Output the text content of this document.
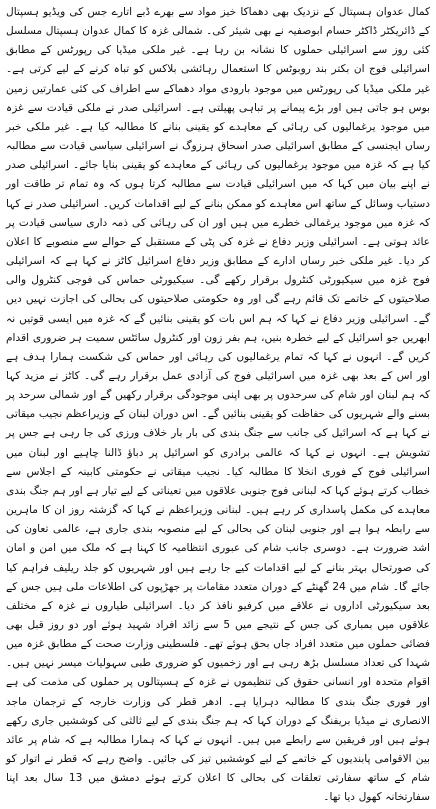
کمال عدوان ہسپتال کے نزدیک بھی دھماکا خیز مواد سے بھرے ڈبے اتارے جس کی ویڈیو ہسپتال کے ڈائریکٹر ڈاکٹر حسام ابوصفیہ نے بھی شیئر کی۔ شمالی غزہ کا کمال عدوان ہسپتال مسلسل کئی روز سے اسرائیلی حملوں کا نشانہ بن رہا ہے۔ غیر ملکی میڈیا کی رپورٹس کے مطابق اسرائیلی فوج ان بکتر بند روبوٹس کا استعمال رہائشی بلاکس کو تباہ کرنے کے لیے کرتی ہے۔ غیر ملکی میڈیا کی رپورٹس میں موجود بارودی مواد دھماکے سے اطراف کی کئی عمارتیں زمین بوس ہو جاتی ہیں اور بڑے پیمانے پر تباہی پھیلتی ہے۔ اسرائیلی صدر نے ملکی قیادت سے غزہ میں موجود یرغمالیوں کی رہائی کے معاہدے کو یقینی بنانے کا مطالبہ کیا ہے۔ غیر ملکی خبر رساں ایجنسی کے مطابق اسرائیلی صدر اسحاق ہرزوگ نے اسرائیلی سیاسی قیادت سے مطالبہ کیا ہے کہ غزہ میں موجود یرغمالیوں کی رہائی کے معاہدے کو یقینی بنایا جائے۔ اسرائیلی صدر نے اپنے بیان میں کہا کہ میں اسرائیلی قیادت سے مطالبہ کرتا ہوں کہ وہ تمام تر طاقت اور دستیاب وسائل کے ساتھ اس معاہدے کو ممکن بنانے کے لیے اقدامات کریں۔ اسرائیلی صدر نے کہا کہ غزہ میں موجود یرغمالی خطرے میں ہیں اور ان کی رہائی کی ذمہ داری سیاسی قیادت پر عائد ہوتی ہے۔ اسرائیلی وزیر دفاع نے غزہ کی پٹی کے مستقبل کے حوالے سے منصوبے کا اعلان کر دیا۔ غیر ملکی خبر رساں ادارے کے مطابق وزیر دفاع اسرائیل کاٹز نے کہا ہے کہ اسرائیلی فوج غزہ میں سیکیورٹی کنٹرول برقرار رکھے گی۔ سیکیورٹی حماس کی فوجی کنٹرول والی صلاحیتوں کے خاتمے تک قائم رہے گی اور وہ حکومتی صلاحیتوں کی بحالی کی اجازت نہیں دیں گے۔ اسرائیلی وزیر دفاع نے کہا کہ ہم اس بات کو یقینی بنائیں گے کہ غزہ میں ایسی قوتیں نہ ابھریں جو اسرائیل کے لیے خطرہ بنیں، ہم بفر زون اور کنٹرول سائٹس سمیت ہر ضروری اقدام کریں گے۔ انہوں نے کہا کہ تمام یرغمالیوں کی رہائی اور حماس کی شکست ہمارا ہدف ہے اور اس کے بعد بھی غزہ میں اسرائیلی فوج کی آزادی عمل برقرار رہے گی۔ کاٹز نے مزید کہا کہ ہم لبنان اور شام کی سرحدوں پر بھی اپنی موجودگی برقرار رکھیں گے اور شمالی سرحد پر بسنے والے شہریوں کی حفاظت کو یقینی بنائیں گے۔ اس دوران لبنان کے وزیراعظم نجیب میقاتی نے کہا ہے کہ اسرائیل کی جانب سے جنگ بندی کی بار بار خلاف ورزی کی جا رہی ہے جس پر تشویش ہے۔ انہوں نے کہا کہ عالمی برادری کو اسرائیل پر دباؤ ڈالنا چاہیے اور لبنان میں اسرائیلی فوج کے فوری انخلا کا مطالبہ کیا۔ نجیب میقاتی نے حکومتی کابینہ کے اجلاس سے خطاب کرتے ہوئے کہا کہ لبنانی فوج جنوبی علاقوں میں تعیناتی کے لیے تیار ہے اور ہم جنگ بندی معاہدے کی مکمل پاسداری کر رہے ہیں۔ لبنانی وزیراعظم نے کہا کہ گزشتہ روز ان کا ماہرین سے رابطہ ہوا ہے اور جنوبی لبنان کی بحالی کے لیے منصوبہ بندی جاری ہے، عالمی تعاون کی اشد ضرورت ہے۔ دوسری جانب شام کی عبوری انتظامیہ کا کہنا ہے کہ ملک میں امن و امان کی صورتحال بہتر بنانے کے لیے اقدامات کیے جا رہے ہیں اور شہریوں کو جلد ریلیف فراہم کیا جائے گا۔ شام میں 24 گھنٹے کے دوران متعدد مقامات پر جھڑپوں کی اطلاعات ملی ہیں جس کے بعد سیکیورٹی اداروں نے علاقے میں کرفیو نافذ کر دیا۔ اسرائیلی طیاروں نے غزہ کے مختلف علاقوں میں بمباری کی جس کے نتیجے میں 5 سے زائد افراد شہید ہوئے اور دو روز قبل بھی فضائی حملوں میں متعدد افراد جاں بحق ہوئے تھے۔ فلسطینی وزارت صحت کے مطابق غزہ میں شہدا کی تعداد مسلسل بڑھ رہی ہے اور زخمیوں کو ضروری طبی سہولیات میسر نہیں ہیں۔ اقوام متحدہ اور انسانی حقوق کی تنظیموں نے غزہ کے ہسپتالوں پر حملوں کی مذمت کی ہے اور فوری جنگ بندی کا مطالبہ دہرایا ہے۔ ادھر قطر کی وزارت خارجہ کے ترجمان ماجد الانصاری نے میڈیا بریفنگ کے دوران کہا کہ ہم جنگ بندی کے لیے ثالثی کی کوششیں جاری رکھے ہوئے ہیں اور فریقین سے رابطے میں ہیں۔ انہوں نے کہا کہ ہمارا مطالبہ ہے کہ شام پر عائد بین الاقوامی پابندیوں کے خاتمے کے لیے کوششیں تیز کی جائیں۔ واضح رہے کہ قطر نے اتوار کو شام کے ساتھ سفارتی تعلقات کی بحالی کا اعلان کرتے ہوئے دمشق میں 13 سال بعد اپنا سفارتخانہ کھول دیا تھا۔
